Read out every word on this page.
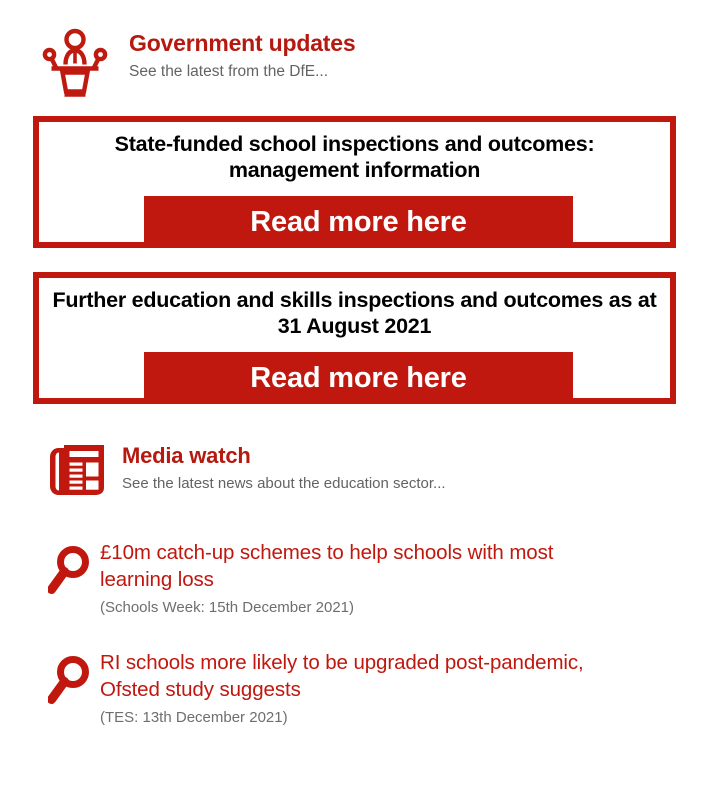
Government updates
See the latest from the DfE...
State-funded school inspections and outcomes: management information
Read more here
Further education and skills inspections and outcomes as at 31 August 2021
Read more here
Media watch
See the latest news about the education sector...
£10m catch-up schemes to help schools with most learning loss
(Schools Week: 15th December 2021)
RI schools more likely to be upgraded post-pandemic, Ofsted study suggests
(TES: 13th December 2021)
